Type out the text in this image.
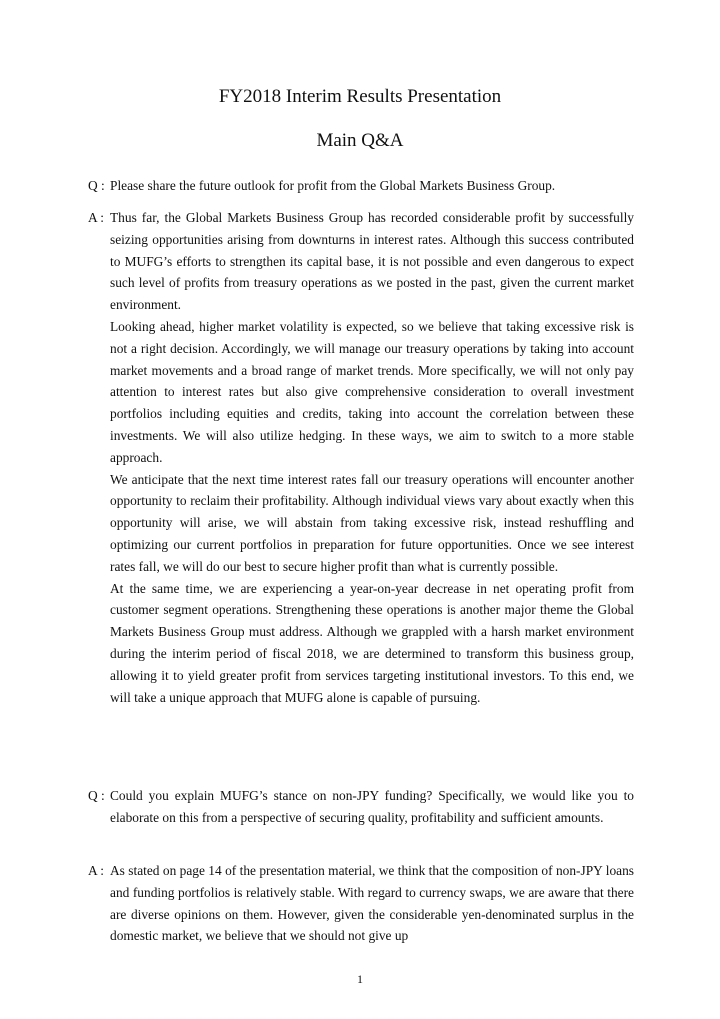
FY2018 Interim Results Presentation
Main Q&A
Q : Please share the future outlook for profit from the Global Markets Business Group.

A : Thus far, the Global Markets Business Group has recorded considerable profit by successfully seizing opportunities arising from downturns in interest rates. Although this success contributed to MUFG’s efforts to strengthen its capital base, it is not possible and even dangerous to expect such level of profits from treasury operations as we posted in the past, given the current market environment.

Looking ahead, higher market volatility is expected, so we believe that taking excessive risk is not a right decision. Accordingly, we will manage our treasury operations by taking into account market movements and a broad range of market trends. More specifically, we will not only pay attention to interest rates but also give comprehensive consideration to overall investment portfolios including equities and credits, taking into account the correlation between these investments. We will also utilize hedging. In these ways, we aim to switch to a more stable approach.

We anticipate that the next time interest rates fall our treasury operations will encounter another opportunity to reclaim their profitability. Although individual views vary about exactly when this opportunity will arise, we will abstain from taking excessive risk, instead reshuffling and optimizing our current portfolios in preparation for future opportunities. Once we see interest rates fall, we will do our best to secure higher profit than what is currently possible.

At the same time, we are experiencing a year-on-year decrease in net operating profit from customer segment operations. Strengthening these operations is another major theme the Global Markets Business Group must address. Although we grappled with a harsh market environment during the interim period of fiscal 2018, we are determined to transform this business group, allowing it to yield greater profit from services targeting institutional investors. To this end, we will take a unique approach that MUFG alone is capable of pursuing.

Q : Could you explain MUFG’s stance on non-JPY funding? Specifically, we would like you to elaborate on this from a perspective of securing quality, profitability and sufficient amounts.

A : As stated on page 14 of the presentation material, we think that the composition of non-JPY loans and funding portfolios is relatively stable. With regard to currency swaps, we are aware that there are diverse opinions on them. However, given the considerable yen-denominated surplus in the domestic market, we believe that we should not give up

1
